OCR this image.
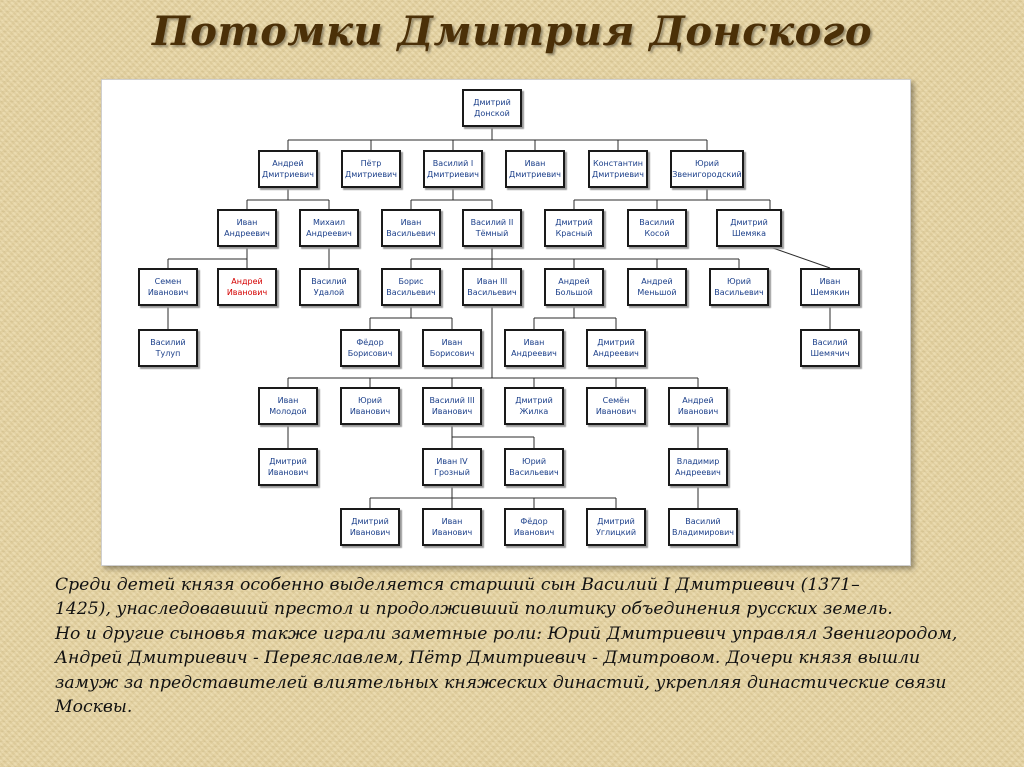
Потомки Дмитрия Донского
Дмитрий
Донской
Андрей
Дмитриевич
Пётр
Дмитриевич
Василий I
Дмитриевич
Иван
Дмитриевич
Константин
Дмитриевич
Юрий
Звенигородский
Иван
Андреевич
Михаил
Андреевич
Иван
Васильевич
Василий II
Тёмный
Дмитрий
Красный
Василий
Косой
Дмитрий
Шемяка
Семен
Иванович
Андрей
Иванович
Василий
Удалой
Борис
Васильевич
Иван III
Васильевич
Андрей
Большой
Андрей
Меньшой
Юрий
Васильевич
Иван
Шемякин
Василий
Тулуп
Фёдор
Борисович
Иван
Борисович
Иван
Андреевич
Дмитрий
Андреевич
Василий
Шемячич
Иван
Молодой
Юрий
Иванович
Василий III
Иванович
Дмитрий
Жилка
Семён
Иванович
Андрей
Иванович
Дмитрий
Иванович
Иван IV
Грозный
Юрий
Васильевич
Владимир
Андреевич
Дмитрий
Иванович
Иван
Иванович
Фёдор
Иванович
Дмитрий
Углицкий
Василий
Владимирович
Среди детей князя особенно выделяется старший сын Василий I Дмитриевич (1371–
1425), унаследовавший престол и продолживший политику объединения русских земель.
Но и другие сыновья также играли заметные роли: Юрий Дмитриевич управлял Звенигородом,
Андрей Дмитриевич - Переяславлем, Пётр Дмитриевич - Дмитровом. Дочери князя вышли
замуж за представителей влиятельных княжеских династий, укрепляя династические связи
Москвы.
